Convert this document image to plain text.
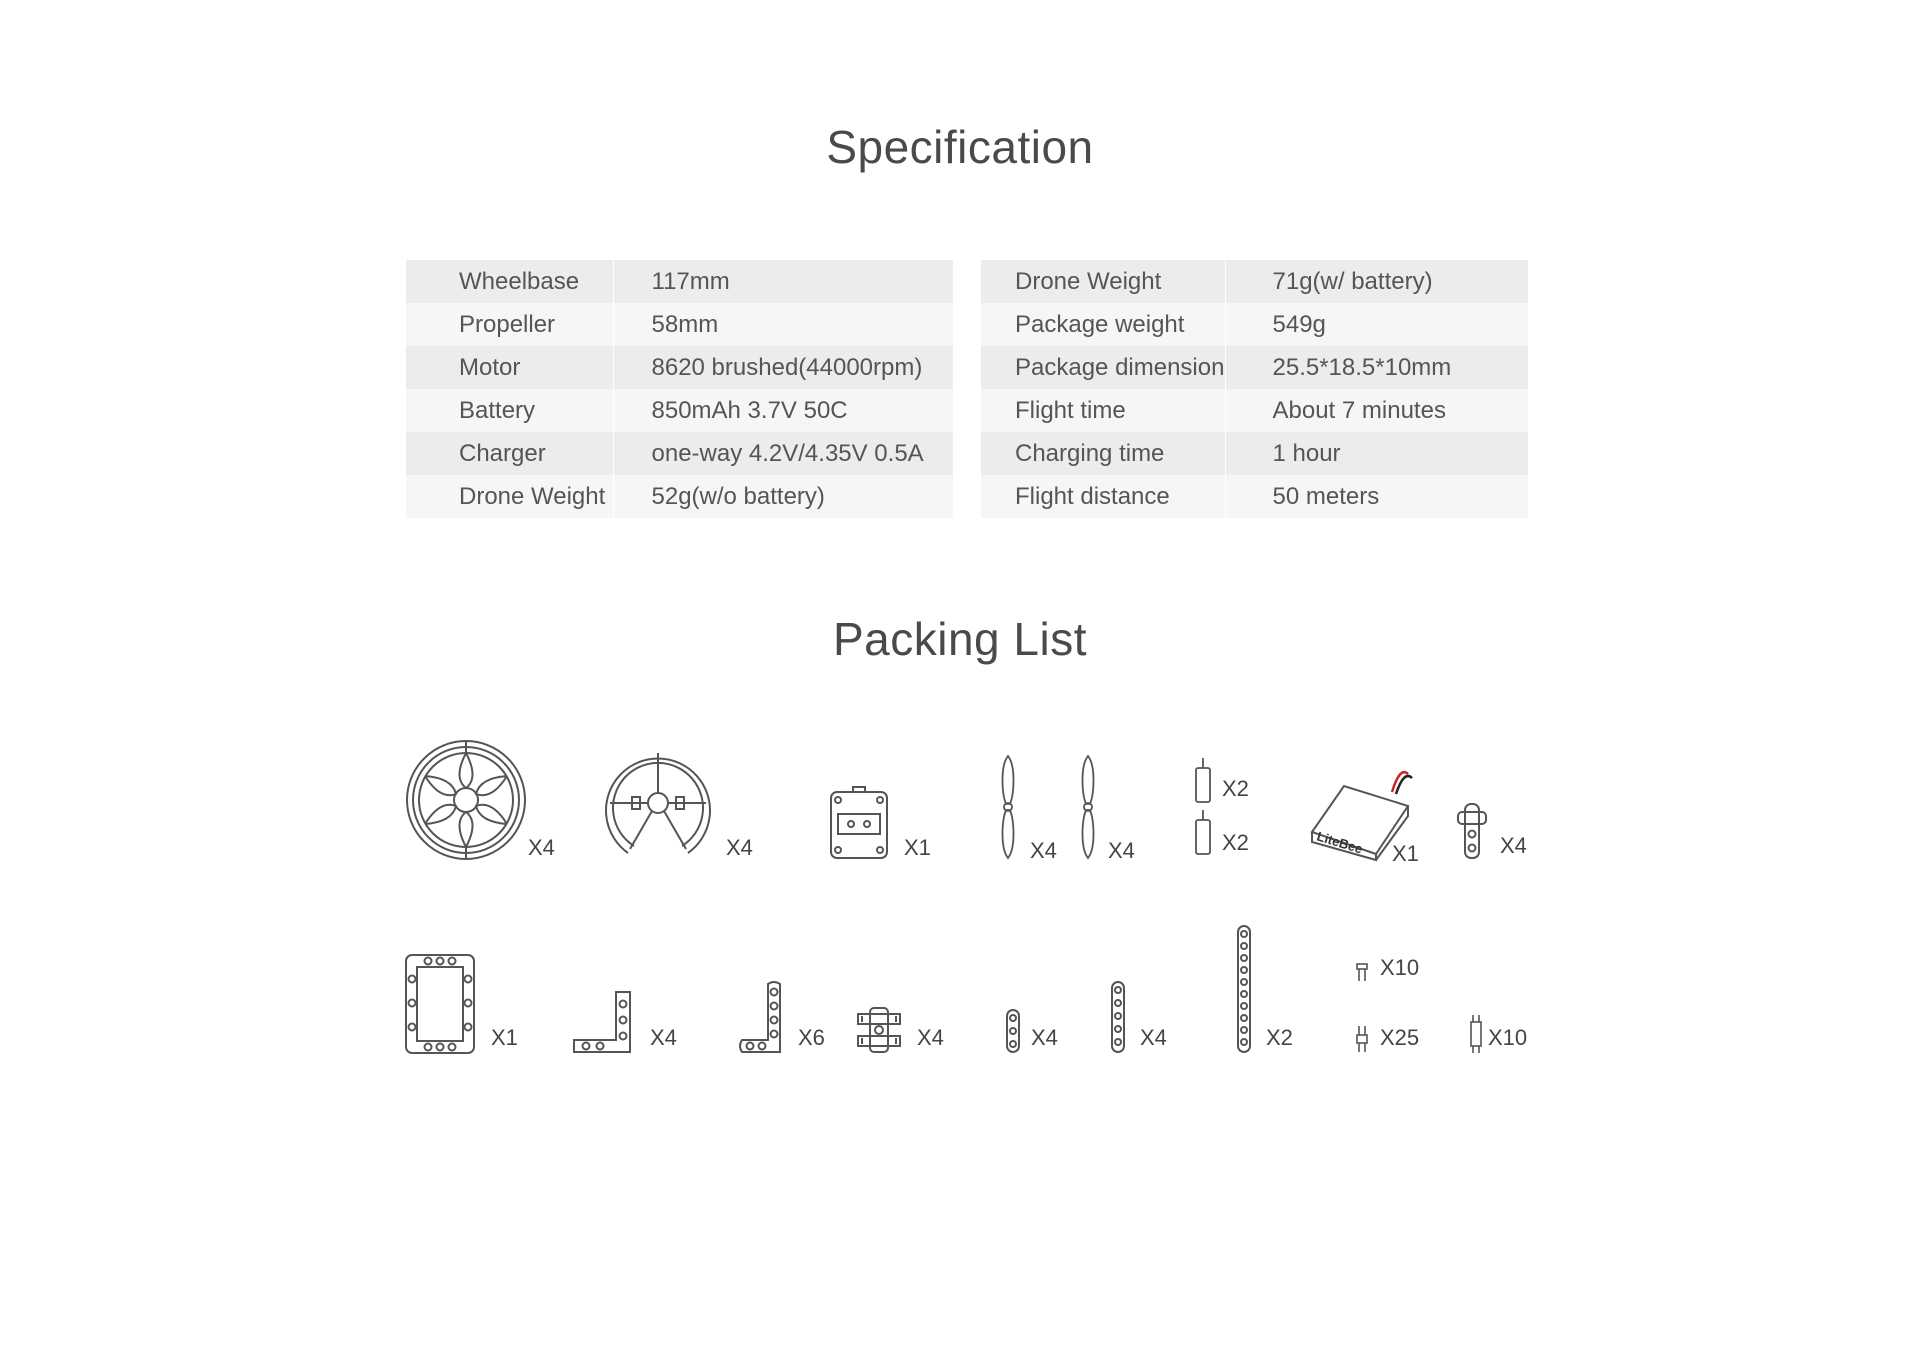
Specification
Wheelbase	117mm
Propeller	58mm
Motor	8620 brushed(44000rpm)
Battery	850mAh 3.7V 50C
Charger	one-way 4.2V/4.35V 0.5A
Drone Weight	52g(w/o battery)
Drone Weight	71g(w/ battery)
Package weight	549g
Package dimension	25.5*18.5*10mm
Flight time	About 7 minutes
Charging time	1 hour
Flight distance	50 meters
Packing List
X4	X4	X1	X4 X4
X2
X2	LiteBee X1	X4
X1	X4	X6	X4	X4	X4	X2
X10
X25	X10
